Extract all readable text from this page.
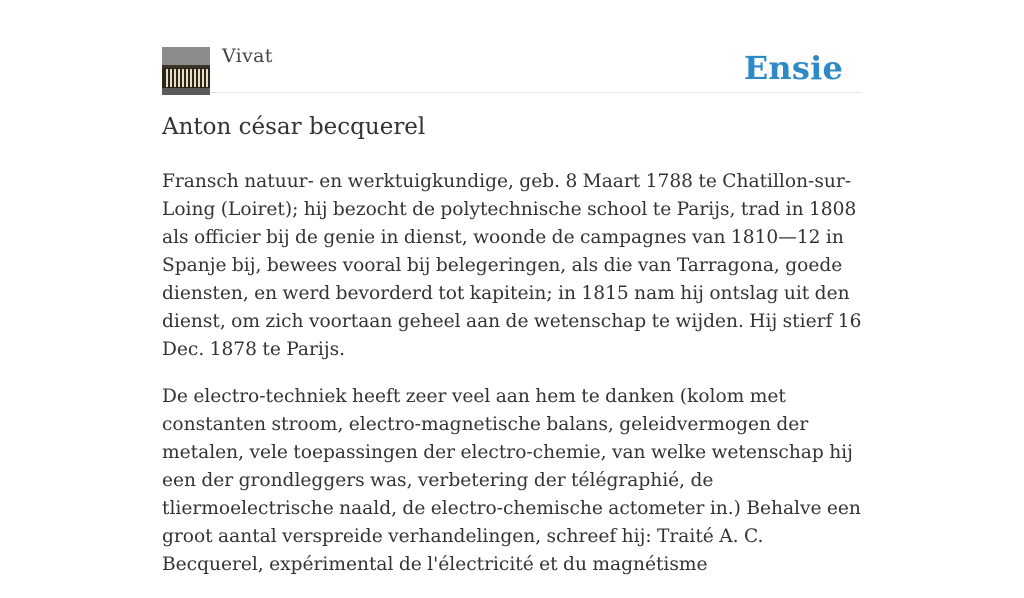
Vivat	Ensie
Anton césar becquerel

Fransch natuur- en werktuigkundige, geb. 8 Maart 1788 te Chatillon-sur-Loing (Loiret); hij bezocht de polytechnische school te Parijs, trad in 1808 als officier bij de genie in dienst, woonde de campagnes van 1810—12 in Spanje bij, bewees vooral bij belegeringen, als die van Tarragona, goede diensten, en werd bevorderd tot kapitein; in 1815 nam hij ontslag uit den dienst, om zich voortaan geheel aan de wetenschap te wijden. Hij stierf 16 Dec. 1878 te Parijs.

De electro-techniek heeft zeer veel aan hem te danken (kolom met constanten stroom, electro-magnetische balans, geleidvermogen der metalen, vele toepassingen der electro-chemie, van welke wetenschap hij een der grondleggers was, verbetering der télégraphié, de tliermoelectrische naald, de electro-chemische actometer in.) Behalve een groot aantal verspreide verhandelingen, schreef hij: Traité A. C. Becquerel, expérimental de l'électricité et du magnétisme
